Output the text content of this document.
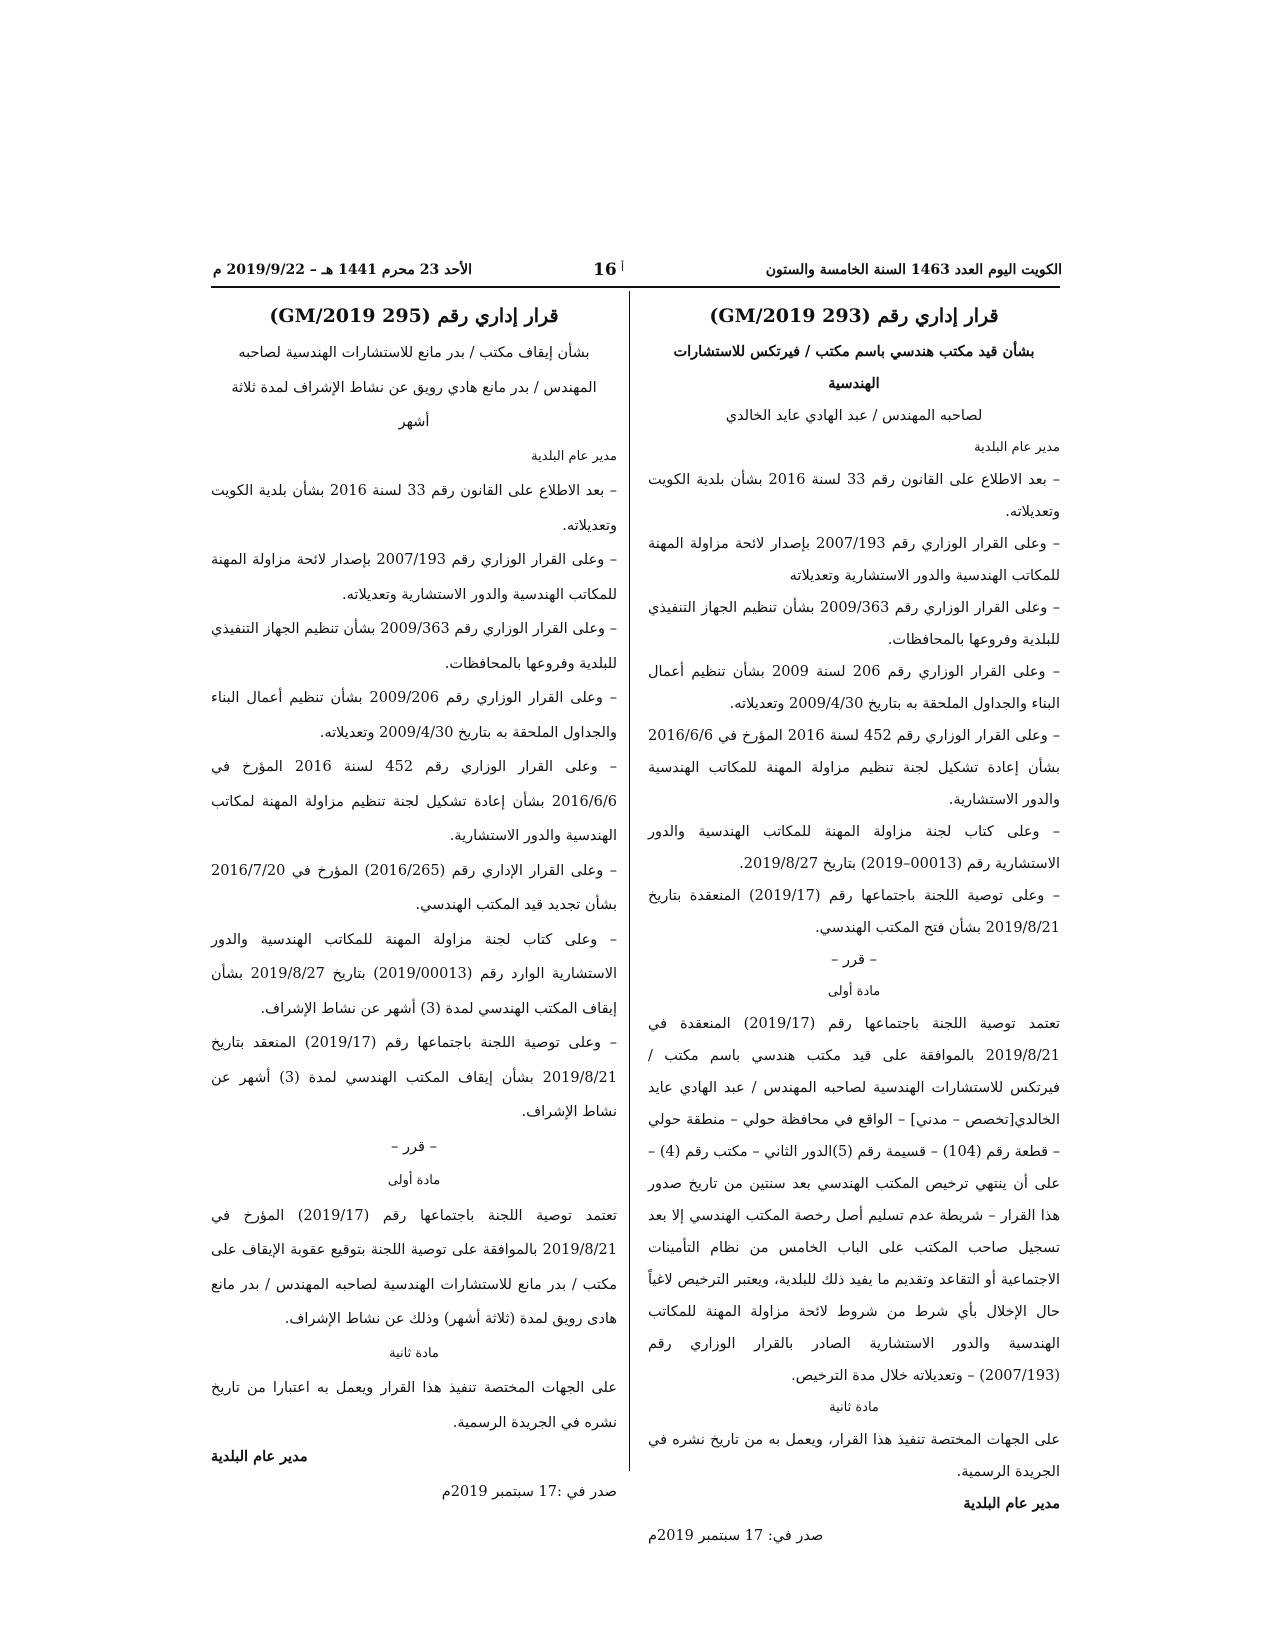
الأحد 23 محرم 1441 هـ – 2019/9/22 م	16 أ	الكويت اليوم العدد 1463 السنة الخامسة والستون

قرار إداري رقم (293 GM/2019)

بشأن قيد مكتب هندسي باسم مكتب / فيرتكس للاستشارات

الهندسية

لصاحبه المهندس / عبد الهادي عايد الخالدي

مدير عام البلدية

– بعد الاطلاع على القانون رقم 33 لسنة 2016 بشأن بلدية الكويت وتعديلاته.

– وعلى القرار الوزاري رقم 2007/193 بإصدار لائحة مزاولة المهنة للمكاتب الهندسية والدور الاستشارية وتعديلاته

– وعلى القرار الوزاري رقم 2009/363 بشأن تنظيم الجهاز التنفيذي للبلدية وفروعها بالمحافظات.

– وعلى القرار الوزاري رقم 206 لسنة 2009 بشأن تنظيم أعمال البناء والجداول الملحقة به بتاريخ 2009/4/30 وتعديلاته.

– وعلى القرار الوزاري رقم 452 لسنة 2016 المؤرخ في 2016/6/6 بشأن إعادة تشكيل لجنة تنظيم مزاولة المهنة للمكاتب الهندسية والدور الاستشارية.

– وعلى كتاب لجنة مزاولة المهنة للمكاتب الهندسية والدور الاستشارية رقم (00013–2019) بتاريخ 2019/8/27.

– وعلى توصية اللجنة باجتماعها رقم (2019/17) المنعقدة بتاريخ 2019/8/21 بشأن فتح المكتب الهندسي.

– قرر –

مادة أولى

تعتمد توصية اللجنة باجتماعها رقم (2019/17) المنعقدة في 2019/8/21 بالموافقة على قيد مكتب هندسي باسم مكتب / فيرتكس للاستشارات الهندسية لصاحبه المهندس / عبد الهادي عايد الخالدي[تخصص – مدني] – الواقع في محافظة حولي – منطقة حولي – قطعة رقم (104) – قسيمة رقم (5)الدور الثاني – مكتب رقم (4) – على أن ينتهي ترخيص المكتب الهندسي بعد سنتين من تاريخ صدور هذا القرار – شريطة عدم تسليم أصل رخصة المكتب الهندسي إلا بعد تسجيل صاحب المكتب على الباب الخامس من نظام التأمينات الاجتماعية أو التقاعد وتقديم ما يفيد ذلك للبلدية، ويعتبر الترخيص لاغياً حال الإخلال بأي شرط من شروط لائحة مزاولة المهنة للمكاتب الهندسية والدور الاستشارية الصادر بالقرار الوزاري رقم (2007/193) – وتعديلاته خلال مدة الترخيص.

مادة ثانية

على الجهات المختصة تنفيذ هذا القرار، ويعمل به من تاريخ نشره في الجريدة الرسمية.

مدير عام البلدية

صدر في: 17 سبتمبر 2019م

قرار إداري رقم (295 GM/2019)

بشأن إيقاف مكتب / بدر مانع للاستشارات الهندسية لصاحبه

المهندس / بدر مانع هادي رويق عن نشاط الإشراف لمدة ثلاثة

أشهر

مدير عام البلدية

– بعد الاطلاع على القانون رقم 33 لسنة 2016 بشأن بلدية الكويت وتعديلاته.

– وعلى القرار الوزاري رقم 2007/193 بإصدار لائحة مزاولة المهنة للمكاتب الهندسية والدور الاستشارية وتعديلاته.

– وعلى القرار الوزاري رقم 2009/363 بشأن تنظيم الجهاز التنفيذي للبلدية وفروعها بالمحافظات.

– وعلى القرار الوزاري رقم 2009/206 بشأن تنظيم أعمال البناء والجداول الملحقة به بتاريخ 2009/4/30 وتعديلاته.

– وعلى القرار الوزاري رقم 452 لسنة 2016 المؤرخ في 2016/6/6 بشأن إعادة تشكيل لجنة تنظيم مزاولة المهنة لمكاتب الهندسية والدور الاستشارية.

– وعلى القرار الإداري رقم (2016/265) المؤرخ في 2016/7/20 بشأن تجديد قيد المكتب الهندسي.

– وعلى كتاب لجنة مزاولة المهنة للمكاتب الهندسية والدور الاستشارية الوارد رقم (2019/00013) بتاريخ 2019/8/27 بشأن إيقاف المكتب الهندسي لمدة (3) أشهر عن نشاط الإشراف.

– وعلى توصية اللجنة باجتماعها رقم (2019/17) المنعقد بتاريخ 2019/8/21 بشأن إيقاف المكتب الهندسي لمدة (3) أشهر عن نشاط الإشراف.

– قرر –

مادة أولى

تعتمد توصية اللجنة باجتماعها رقم (2019/17) المؤرخ في 2019/8/21 بالموافقة على توصية اللجنة بتوقيع عقوبة الإيقاف على مكتب / بدر مانع للاستشارات الهندسية لصاحبه المهندس / بدر مانع هادى رويق لمدة (ثلاثة أشهر) وذلك عن نشاط الإشراف.

مادة ثانية

على الجهات المختصة تنفيذ هذا القرار ويعمل به اعتبارا من تاريخ نشره في الجريدة الرسمية.

مدير عام البلدية

صدر في :17 سبتمبر 2019م
